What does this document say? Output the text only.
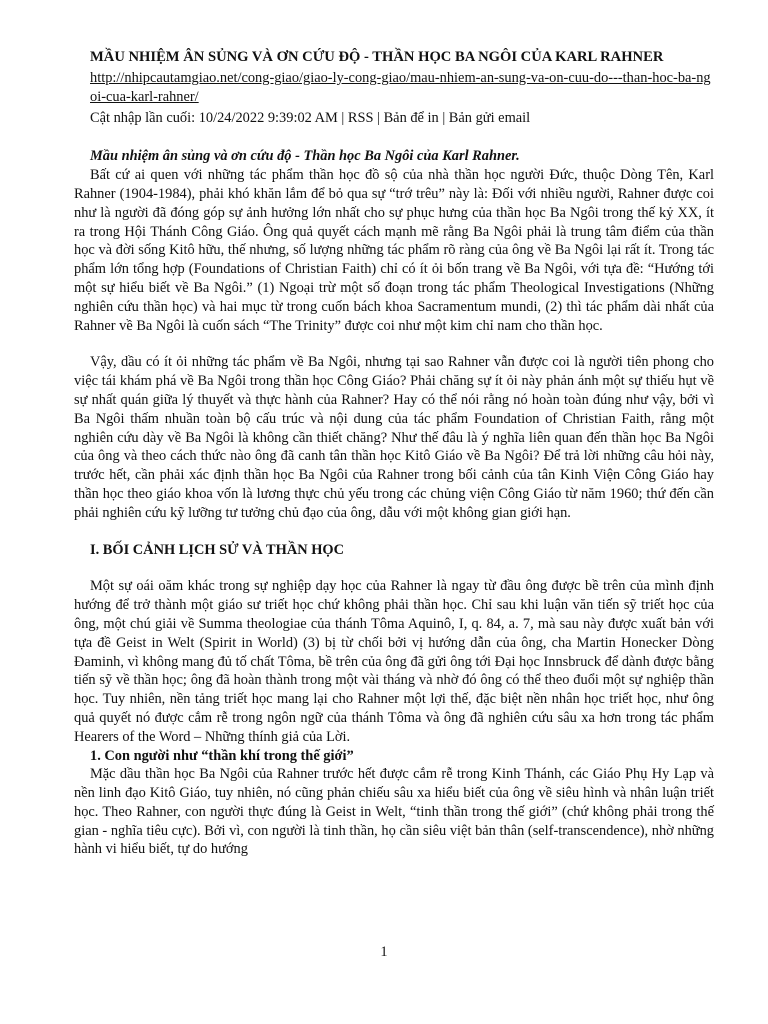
MẦU NHIỆM ÂN SỦNG VÀ ƠN CỨU ĐỘ - THẦN HỌC BA NGÔI CỦA KARL RAHNER
http://nhipcautamgiao.net/cong-giao/giao-ly-cong-giao/mau-nhiem-an-sung-va-on-cuu-do---than-hoc-ba-ngoi-cua-karl-rahner/
Cật nhập lần cuối: 10/24/2022 9:39:02 AM | RSS | Bản để in | Bản gửi email
Mầu nhiệm ân sủng và ơn cứu độ - Thần học Ba Ngôi của Karl Rahner.

Bất cứ ai quen với những tác phẩm thần học đồ sộ của nhà thần học người Đức, thuộc Dòng Tên, Karl Rahner (1904-1984), phải khó khăn lắm để bỏ qua sự “trớ trêu” này là: Đối với nhiều người, Rahner được coi như là người đã đóng góp sự ảnh hưởng lớn nhất cho sự phục hưng của thần học Ba Ngôi trong thế kỷ XX, ít ra trong Hội Thánh Công Giáo. Ông quả quyết cách mạnh mẽ rằng Ba Ngôi phải là trung tâm điểm của thần học và đời sống Kitô hữu, thế nhưng, số lượng những tác phẩm rõ ràng của ông về Ba Ngôi lại rất ít. Trong tác phẩm lớn tổng hợp (Foundations of Christian Faith) chỉ có ít ỏi bốn trang về Ba Ngôi, với tựa đề: “Hướng tới một sự hiểu biết về Ba Ngôi.” (1) Ngoại trừ một số đoạn trong tác phẩm Theological Investigations (Những nghiên cứu thần học) và hai mục từ trong cuốn bách khoa Sacramentum mundi, (2) thì tác phẩm dài nhất của Rahner về Ba Ngôi là cuốn sách “The Trinity” được coi như một kim chỉ nam cho thần học.

Vậy, dầu có ít ỏi những tác phẩm về Ba Ngôi, nhưng tại sao Rahner vẫn được coi là người tiên phong cho việc tái khám phá về Ba Ngôi trong thần học Công Giáo? Phải chăng sự ít ỏi này phản ánh một sự thiếu hụt về sự nhất quán giữa lý thuyết và thực hành của Rahner? Hay có thể nói rằng nó hoàn toàn đúng như vậy, bởi vì Ba Ngôi thấm nhuần toàn bộ cấu trúc và nội dung của tác phẩm Foundation of Christian Faith, rằng một nghiên cứu dày về Ba Ngôi là không cần thiết chăng? Như thế đâu là ý nghĩa liên quan đến thần học Ba Ngôi của ông và theo cách thức nào ông đã canh tân thần học Kitô Giáo về Ba Ngôi? Để trả lời những câu hỏi này, trước hết, cần phải xác định thần học Ba Ngôi của Rahner trong bối cảnh của tân Kinh Viện Công Giáo hay thần học theo giáo khoa vốn là lương thực chủ yếu trong các chủng viện Công Giáo từ năm 1960; thứ đến cần phải nghiên cứu kỹ lưỡng tư tưởng chủ đạo của ông, dẫu với một không gian giới hạn.

I. BỐI CẢNH LỊCH SỬ VÀ THẦN HỌC

Một sự oái oăm khác trong sự nghiệp dạy học của Rahner là ngay từ đầu ông được bề trên của mình định hướng để trở thành một giáo sư triết học chứ không phải thần học. Chỉ sau khi luận văn tiến sỹ triết học của ông, một chú giải về Summa theologiae của thánh Tôma Aquinô, I, q. 84, a. 7, mà sau này được xuất bản với tựa đề Geist in Welt (Spirit in World) (3) bị từ chối bởi vị hướng dẫn của ông, cha Martin Honecker Dòng Đaminh, vì không mang đủ tố chất Tôma, bề trên của ông đã gửi ông tới Đại học Innsbruck để dành được bằng tiến sỹ về thần học; ông đã hoàn thành trong một vài tháng và nhờ đó ông có thể theo đuổi một sự nghiệp thần học. Tuy nhiên, nền tảng triết học mang lại cho Rahner một lợi thế, đặc biệt nền nhân học triết học, như ông quả quyết nó được cắm rễ trong ngôn ngữ của thánh Tôma và ông đã nghiên cứu sâu xa hơn trong tác phẩm Hearers of the Word – Những thính giả của Lời.

1. Con người như “thần khí trong thế giới”

Mặc dầu thần học Ba Ngôi của Rahner trước hết được cắm rễ trong Kinh Thánh, các Giáo Phụ Hy Lạp và nền linh đạo Kitô Giáo, tuy nhiên, nó cũng phản chiếu sâu xa hiểu biết của ông về siêu hình và nhân luận triết học. Theo Rahner, con người thực đúng là Geist in Welt, “tinh thần trong thế giới” (chứ không phải trong thế gian - nghĩa tiêu cực). Bởi vì, con người là tinh thần, họ cần siêu việt bản thân (self-transcendence), nhờ những hành vi hiểu biết, tự do hướng

1
